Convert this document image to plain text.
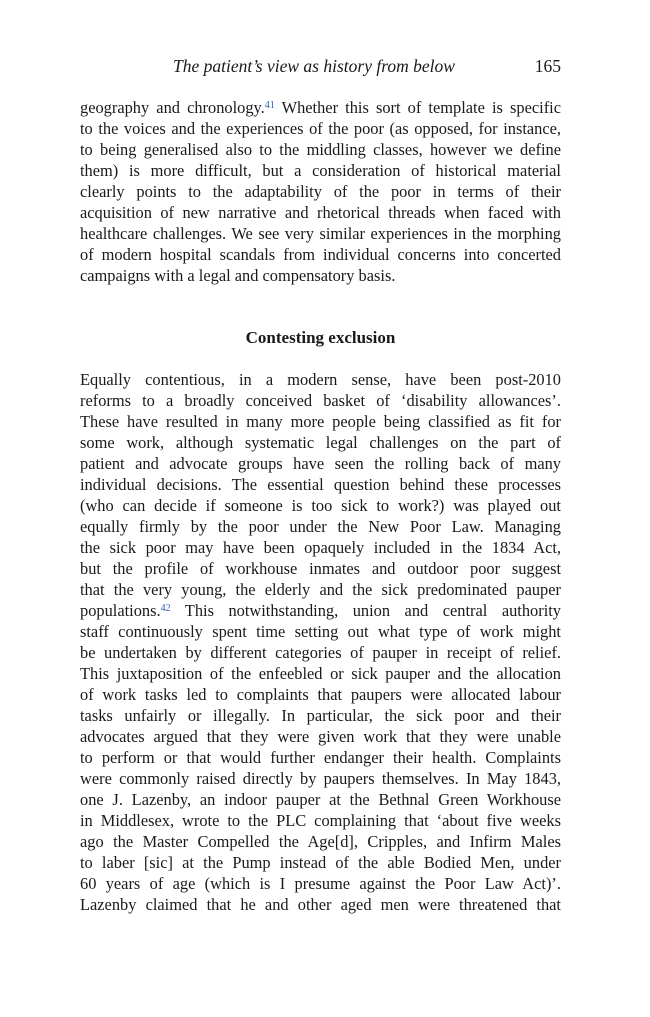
The patient’s view as history from below	165
geography and chronology.$^{41}$ Whether this sort of template is specific
to the voices and the experiences of the poor (as opposed, for instance,
to being generalised also to the middling classes, however we define
them) is more difficult, but a consideration of historical material
clearly points to the adaptability of the poor in terms of their
acquisition of new narrative and rhetorical threads when faced with
healthcare challenges. We see very similar experiences in the morphing
of modern hospital scandals from individual concerns into concerted
campaigns with a legal and compensatory basis.
Contesting exclusion
Equally contentious, in a modern sense, have been post-2010
reforms to a broadly conceived basket of ‘disability allowances’.
These have resulted in many more people being classified as fit for
some work, although systematic legal challenges on the part of
patient and advocate groups have seen the rolling back of many
individual decisions. The essential question behind these processes
(who can decide if someone is too sick to work?) was played out
equally firmly by the poor under the New Poor Law. Managing
the sick poor may have been opaquely included in the 1834 Act,
but the profile of workhouse inmates and outdoor poor suggest
that the very young, the elderly and the sick predominated pauper
populations.$^{42}$ This notwithstanding, union and central authority
staff continuously spent time setting out what type of work might
be undertaken by different categories of pauper in receipt of relief.
This juxtaposition of the enfeebled or sick pauper and the allocation
of work tasks led to complaints that paupers were allocated labour
tasks unfairly or illegally. In particular, the sick poor and their
advocates argued that they were given work that they were unable
to perform or that would further endanger their health. Complaints
were commonly raised directly by paupers themselves. In May 1843,
one J. Lazenby, an indoor pauper at the Bethnal Green Workhouse
in Middlesex, wrote to the PLC complaining that ‘about five weeks
ago the Master Compelled the Age[d], Cripples, and Infirm Males
to laber [sic] at the Pump instead of the able Bodied Men, under
60 years of age (which is I presume against the Poor Law Act)’.
Lazenby claimed that he and other aged men were threatened that
